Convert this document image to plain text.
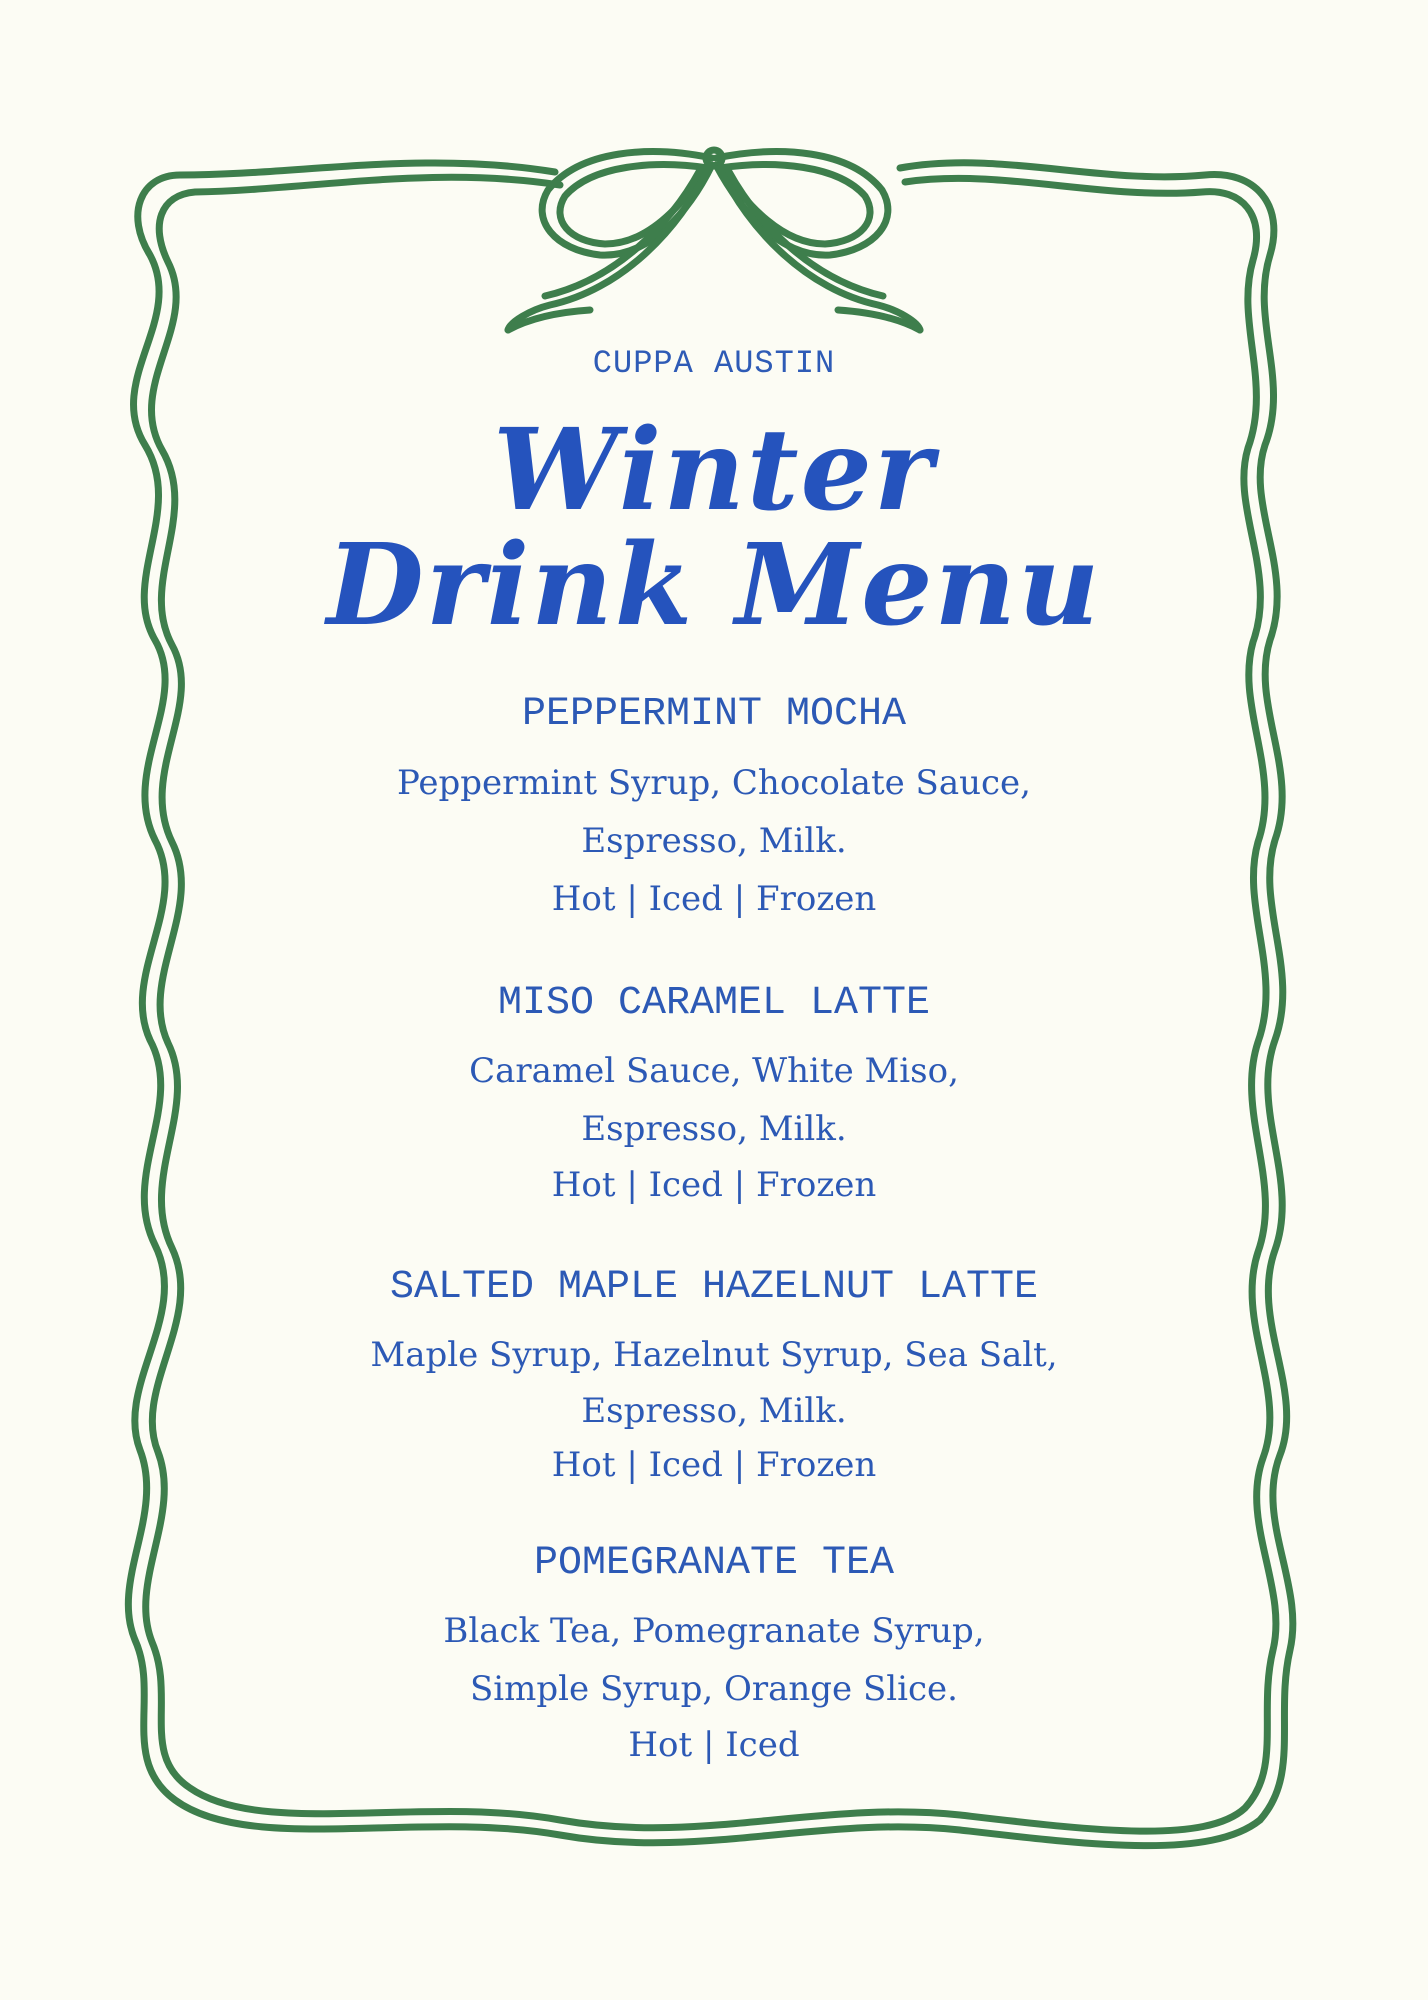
CUPPA AUSTIN
Winter
Drink Menu
PEPPERMINT MOCHA
Peppermint Syrup, Chocolate Sauce,
Espresso, Milk.
Hot | Iced | Frozen
MISO CARAMEL LATTE
Caramel Sauce, White Miso,
Espresso, Milk.
Hot | Iced | Frozen
SALTED MAPLE HAZELNUT LATTE
Maple Syrup, Hazelnut Syrup, Sea Salt,
Espresso, Milk.
Hot | Iced | Frozen
POMEGRANATE TEA
Black Tea, Pomegranate Syrup,
Simple Syrup, Orange Slice.
Hot | Iced
